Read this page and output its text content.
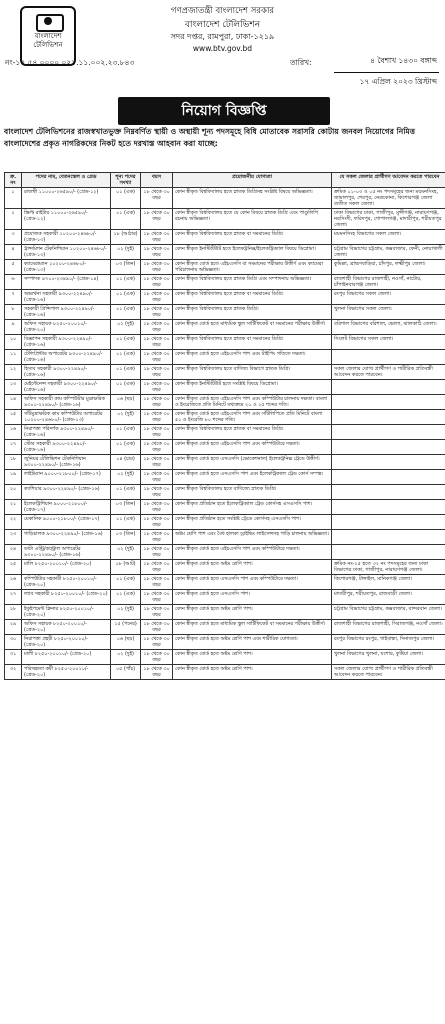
বাংলাদেশ টেলিভিশন
গণপ্রজাতন্ত্রী বাংলাদেশ সরকার
বাংলাদেশ টেলিভিশন
সদর দপ্তর, রামপুরা, ঢাকা-১২১৯
www.btv.gov.bd
নং-১৫.৫৪.০০০০.০২১.১১.০০২.২৩.৮৪৩	তারিখ:	৪ বৈশাখ ১৪৩০ বঙ্গাব্দ
১৭ এপ্রিল ২০২৩ খ্রিস্টাব্দ
নিয়োগ বিজ্ঞপ্তি
বাংলাদেশ টেলিভিশনের রাজস্বখাতভুক্ত নিম্নবর্ণিত স্থায়ী ও অস্থায়ী শূন্য পদসমূহে বিধি মোতাবেক সরাসরি কোটায় জনবল নিয়োগের নিমিত্ত বাংলাদেশের প্রকৃত নাগরিকদের নিকট হতে দরখাস্ত আহবান করা যাচ্ছে:
ক্র. নং	পদের নাম, বেতনস্কেল ও গ্রেড	শূন্য পদের সংখ্যা	বয়স	প্রয়োজনীয় যোগ্যতা	যে সকল জেলার প্রার্থীগণ আবেদন করতে পারবেন
১	রাজস্থী ১১০০০-২৬৫৯০/- (গ্রেড-১২)	০১ (এক)	১৮ থেকে ৩০ বছর	কোন স্বীকৃত বিশ্ববিদ্যালয় হতে স্নাতক ডিগ্রিসহ সংশ্লিষ্ট বিষয়ে অভিজ্ঞতা।	ক্রমিক ০১-০৩ ও ০৫ নং পদসমূহের জন্য ময়মনসিংহ, জামালপুর, শেরপুর, নেত্রকোনা, কিশোরগঞ্জ জেলা ব্যতীত সকল জেলা।
২	স্ক্রিপ্ট রাইটার ১১০০০-২৬৫৯০/- (গ্রেড-১২)	০১ (এক)	১৮ থেকে ৩০ বছর	কোন স্বীকৃত বিশ্ববিদ্যালয় হতে যে কোন বিষয়ে স্নাতক ডিগ্রি এবং পাণ্ডুলিপি রচনায় অভিজ্ঞতা।	ঢাকা বিভাগের ঢাকা, গাজীপুর, মুন্সীগঞ্জ, নারায়ণগঞ্জ, নরসিংদী, ফরিদপুর, গোপালগঞ্জ, মাদারীপুর, শরীয়তপুর জেলা।
৩	প্রযোজক সহকারী ১০২০০-২৪৬৮০/- (গ্রেড-১৩)	১৮ (আঠার)	১৮ থেকে ৩০ বছর	কোন স্বীকৃত বিশ্ববিদ্যালয় হতে স্নাতক বা সমমানের ডিগ্রি।	ময়মনসিংহ বিভাগের সকল জেলা।
৪	ট্রান্সমিশন টেকনিশিয়ান ১০২০০-২৪৬৮০/- (গ্রেড-১৩)	০২ (দুই)	১৮ থেকে ৩০ বছর	কোন স্বীকৃত ইনস্টিটিউট হতে ইলেকট্রনিক্স/ইলেকট্রিক্যাল বিষয়ে ডিপ্লোমা।	চট্টগ্রাম বিভাগের চট্টগ্রাম, কক্সবাজার, ফেনী, নোয়াখালী জেলা।
৫	ক্যামেরাম্যান ১০২০০-২৪৬৮০/- (গ্রেড-১৩)	০৩ (তিন)	১৮ থেকে ৩০ বছর	কোন স্বীকৃত বোর্ড হতে এইচএসসি বা সমমানের পরীক্ষায় উত্তীর্ণ এবং ক্যামেরা পরিচালনায় অভিজ্ঞতা।	কুমিল্লা, ব্রাহ্মণবাড়িয়া, চাঁদপুর, লক্ষ্মীপুর জেলা।
৬	সম্পাদক ৯৭০০-২৩৪৯০/- (গ্রেড-১৪)	০১ (এক)	১৮ থেকে ৩০ বছর	কোন স্বীকৃত বিশ্ববিদ্যালয় হতে স্নাতক ডিগ্রি এবং সম্পাদনায় অভিজ্ঞতা।	রাজশাহী বিভাগের রাজশাহী, নওগাঁ, নাটোর, চাঁপাইনবাবগঞ্জ জেলা।
৭	অভ্যর্থনা সহকারী ৯৩০০-২২৪৯০/- (গ্রেড-১৬)	০১ (এক)	১৮ থেকে ৩০ বছর	কোন স্বীকৃত বিশ্ববিদ্যালয় হতে স্নাতক বা সমমানের ডিগ্রি।	রংপুর বিভাগের সকল জেলা।
৮	সহকারী প্রিন্সিপাল ৯৩০০-২২৪৯০/- (গ্রেড-১৬)	০১ (এক)	১৮ থেকে ৩০ বছর	কোন স্বীকৃত বিশ্ববিদ্যালয় হতে স্নাতক ডিগ্রি।	খুলনা বিভাগের সকল জেলা।
৯	অফিস সহায়ক ৮২৫০-২০০১০/- (গ্রেড-২০)	০২ (দুই)	১৮ থেকে ৩০ বছর	কোন স্বীকৃত বোর্ড হতে মাধ্যমিক স্কুল সার্টিফিকেট বা সমমানের পরীক্ষায় উত্তীর্ণ।	বরিশাল বিভাগের বরিশাল, ভোলা, ঝালকাঠি জেলা।
১০	বিজ্ঞাপন সহকারী ৯৩০০-২২৪৯০/- (গ্রেড-১৬)	০১ (এক)	১৮ থেকে ৩০ বছর	কোন স্বীকৃত বিশ্ববিদ্যালয় হতে স্নাতক বা সমমানের ডিগ্রি।	সিলেট বিভাগের সকল জেলা।
১১	টেলিপ্রিন্টার অপারেটর ৯৩০০-২২৪৯০/- (গ্রেড-১৬)	০১ (এক)	১৮ থেকে ৩০ বছর	কোন স্বীকৃত বোর্ড হতে এইচএসসি পাশ এবং টাইপিং গতিতে দক্ষতা।	
১২	হিসাব সহকারী ৯৩০০-২২৪৯০/- (গ্রেড-১৬)	০১ (এক)	১৮ থেকে ৩০ বছর	কোন স্বীকৃত বিশ্ববিদ্যালয় হতে বাণিজ্য বিভাগে স্নাতক ডিগ্রি।	সকল জেলার যোগ্য প্রার্থীগণ ও শারীরিক প্রতিবন্ধী আবেদন করতে পারবেন।
১৩	মেইন্টেনেন্স সহকারী ৯৩০০-২২৪৯০/- (গ্রেড-১৬)	০১ (এক)	১৮ থেকে ৩০ বছর	কোন স্বীকৃত ইনস্টিটিউট হতে সংশ্লিষ্ট বিষয়ে ডিপ্লোমা।	
১৪	অফিস সহকারী কাম কম্পিউটার মুদ্রাক্ষরিক ৯৩০০-২২৪৯০/- (গ্রেড-১৬)	০৬ (ছয়)	১৮ থেকে ৩০ বছর	কোন স্বীকৃত বোর্ড হতে এইচএসসি পাশ এবং কম্পিউটার চালনায় দক্ষতা। বাংলা ও ইংরেজিতে প্রতি মিনিটে যথাক্রমে ২০ ও ২৫ শব্দের গতি।	
১৫	সাঁটমুদ্রাক্ষরিক কাম কম্পিউটার অপারেটর ১০২০০-২৪৬৮০/- (গ্রেড-১৩)	০২ (দুই)	১৮ থেকে ৩০ বছর	কোন স্বীকৃত বোর্ড হতে এইচএসসি পাশ এবং সাঁটলিপিতে প্রতি মিনিটে বাংলা ৫০ ও ইংরেজি ৮০ শব্দের গতি।	
১৬	নিরাপত্তা পরিদর্শক ৯৩০০-২২৪৯০/- (গ্রেড-১৬)	০১ (এক)	১৮ থেকে ৩০ বছর	কোন স্বীকৃত বিশ্ববিদ্যালয় হতে স্নাতক বা সমমানের ডিগ্রি।	
১৭	স্টোর সহকারী ৯৩০০-২২৪৯০/- (গ্রেড-১৬)	০১ (এক)	১৮ থেকে ৩০ বছর	কোন স্বীকৃত বোর্ড হতে এইচএসসি পাশ এবং কম্পিউটারে দক্ষতা।	
১৮	জুনিয়র টেলিভিশন টেকনিশিয়ান ৯৩০০-২২৪৯০/- (গ্রেড-১৬)	০৪ (চার)	১৮ থেকে ৩০ বছর	কোন স্বীকৃত বোর্ড হতে এসএসসি (ভোকেশনাল) ইলেকট্রনিক্স ট্রেডে উত্তীর্ণ।	
১৯	লাইটম্যান ৯০০০-২১৮০০/- (গ্রেড-১৭)	০২ (দুই)	১৮ থেকে ৩০ বছর	কোন স্বীকৃত বোর্ড হতে এসএসসি পাশ এবং ইলেকট্রিক্যাল ট্রেড কোর্স সম্পন্ন।	
২০	ক্যাশিয়ার ৯৩০০-২২৪৯০/- (গ্রেড-১৬)	০১ (এক)	১৮ থেকে ৩০ বছর	কোন স্বীকৃত বিশ্ববিদ্যালয় হতে বাণিজ্যে স্নাতক ডিগ্রি।	
২১	ইলেকট্রিশিয়ান ৯০০০-২১৮০০/- (গ্রেড-১৭)	০৩ (তিন)	১৮ থেকে ৩০ বছর	কোন স্বীকৃত প্রতিষ্ঠান হতে ইলেকট্রিক্যাল ট্রেড কোর্সসহ এসএসসি পাশ।	
২২	মেকানিক ৯০০০-২১৮০০/- (গ্রেড-১৭)	০১ (এক)	১৮ থেকে ৩০ বছর	কোন স্বীকৃত প্রতিষ্ঠান হতে সংশ্লিষ্ট ট্রেডে কোর্সসহ এসএসসি পাশ।	
২৩	গাড়িচালক ৯৩০০-২২৪৯০/- (গ্রেড-১৬)	০৩ (তিন)	১৮ থেকে ৩০ বছর	অষ্টম শ্রেণি পাশ এবং বৈধ হালকা ড্রাইভিং লাইসেন্সসহ গাড়ি চালনায় অভিজ্ঞতা।	
২৪	ডাটা এন্ট্রি/কন্ট্রোল অপারেটর ৯৩০০-২২৪৯০/- (গ্রেড-১৬)	০২ (দুই)	১৮ থেকে ৩০ বছর	কোন স্বীকৃত বোর্ড হতে এইচএসসি পাশ এবং কম্পিউটারে দক্ষতা।	
২৫	মালি ৮২৫০-২০০১০/- (গ্রেড-২০)	০৮ (আট)	১৮ থেকে ৩০ বছর	কোন স্বীকৃত বোর্ড হতে অষ্টম শ্রেণি পাশ।	ক্রমিক নং-২৫ হতে ৩২ নং পদসমূহের জন্য ঢাকা বিভাগের ঢাকা, গাজীপুর, নারায়ণগঞ্জ জেলা।
২৬	কম্পিউটার সহকারী ৮২৫০-২০০১০/- (গ্রেড-২০)	০১ (এক)	১৮ থেকে ৩০ বছর	কোন স্বীকৃত বোর্ড হতে এসএসসি পাশ এবং কম্পিউটারে দক্ষতা।	কিশোরগঞ্জ, টাঙ্গাইল, মানিকগঞ্জ জেলা।
২৭	ল্যাব সহকারী ৮২৫০-২০০১০/- (গ্রেড-২০)	০১ (এক)	১৮ থেকে ৩০ বছর	কোন স্বীকৃত বোর্ড হতে এসএসসি পাশ।	মাদারীপুর, শরীয়তপুর, রাজবাড়ী জেলা।
২৮	ইকুইপমেন্ট ক্লিনার ৮২৫০-২০০১০/- (গ্রেড-২০)	০২ (দুই)	১৮ থেকে ৩০ বছর	কোন স্বীকৃত বোর্ড হতে অষ্টম শ্রেণি পাশ।	চট্টগ্রাম বিভাগের চট্টগ্রাম, কক্সবাজার, বান্দরবান জেলা।
২৯	অফিস সহায়ক ৮২৫০-২০০১০/- (গ্রেড-২০)	১৫ (পনের)	১৮ থেকে ৩০ বছর	কোন স্বীকৃত বোর্ড হতে মাধ্যমিক স্কুল সার্টিফিকেট বা সমমানের পরীক্ষায় উত্তীর্ণ।	রাজশাহী বিভাগের রাজশাহী, সিরাজগঞ্জ, নওগাঁ জেলা।
৩০	নিরাপত্তা প্রহরী ৮২৫০-২০০১০/- (গ্রেড-২০)	০৬ (ছয়)	১৮ থেকে ৩০ বছর	কোন স্বীকৃত বোর্ড হতে অষ্টম শ্রেণি পাশ এবং শারীরিক যোগ্যতা।	রংপুর বিভাগের রংপুর, গাইবান্ধা, দিনাজপুর জেলা।
৩১	মালী ৮২৫০-২০০১০/- (গ্রেড-২০)	০২ (দুই)	১৮ থেকে ৩০ বছর	কোন স্বীকৃত বোর্ড হতে অষ্টম শ্রেণি পাশ।	খুলনা বিভাগের খুলনা, যশোর, কুষ্টিয়া জেলা।
৩২	পরিচ্ছন্নতা কর্মী ৮২৫০-২০০১০/- (গ্রেড-২০)	০৫ (পাঁচ)	১৮ থেকে ৩০ বছর	কোন স্বীকৃত বোর্ড হতে অষ্টম শ্রেণি পাশ।	সকল জেলার যোগ্য প্রার্থীগণ ও শারীরিক প্রতিবন্ধী আবেদন করতে পারবেন।
